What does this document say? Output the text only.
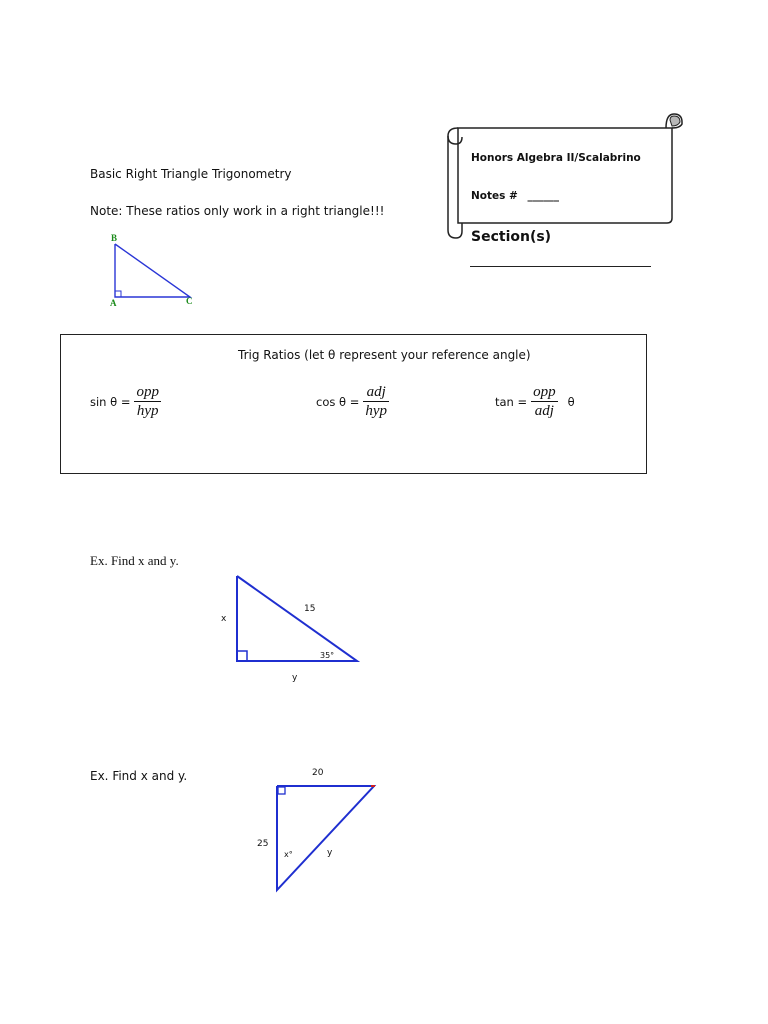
Basic Right Triangle Trigonometry
Note: These ratios only work in a right triangle!!!
Honors Algebra II/Scalabrino
Notes # ______
Section(s)
B
A	C
Trig Ratios (let θ represent your reference angle)
$\sin \theta = \frac{\text{opp}}{\text{hyp}}$	$\cos \theta = \frac{\text{adj}}{\text{hyp}}$	$\tan = \frac{\text{opp}}{\text{adj}}$ θ
Ex. Find x and y.
15
x
y
35°
Ex. Find x and y.	20
25
y
x°
